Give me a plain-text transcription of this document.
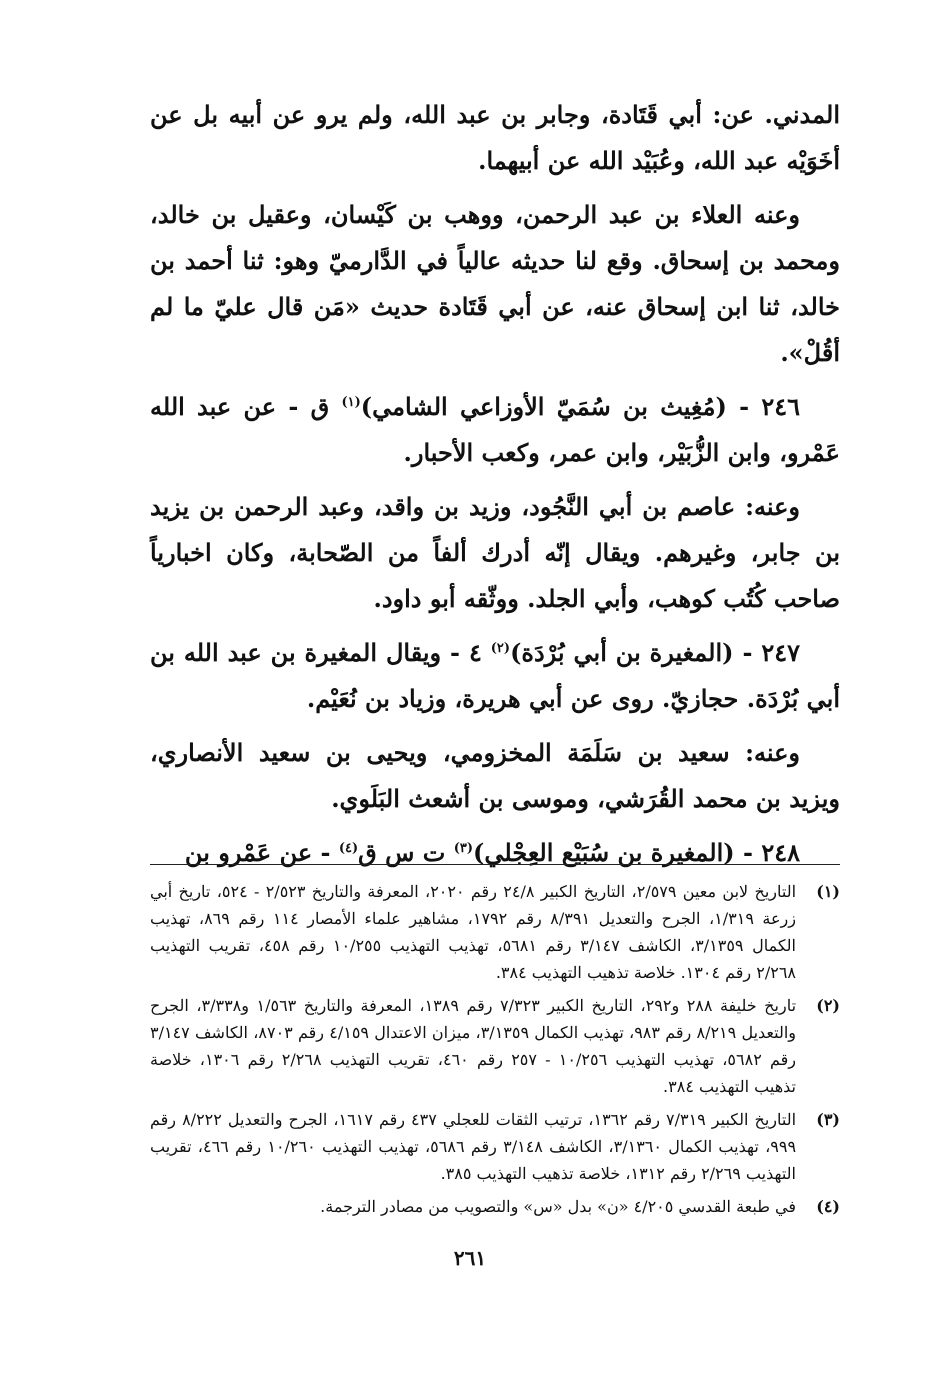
المدني. عن: أبي قَتَادة، وجابر بن عبد الله، ولم يرو عن أبيه بل عن أخَوَيْه عبد الله، وعُبَيْد الله عن أبيهما.

وعنه العلاء بن عبد الرحمن، ووهب بن كَيْسان، وعقيل بن خالد، ومحمد بن إسحاق. وقع لنا حديثه عالياً في الدَّارميّ وهو: ثنا أحمد بن خالد، ثنا ابن إسحاق عنه، عن أبي قَتَادة حديث «مَن قال عليّ ما لم أقُلْ».

٢٤٦ - (مُغِيث بن سُمَيّ الأوزاعي الشامي)$^{(١)}$ ق - عن عبد الله عَمْرو، وابن الزُّبَيْر، وابن عمر، وكعب الأحبار.

وعنه: عاصم بن أبي النَّجُود، وزيد بن واقد، وعبد الرحمن بن يزيد بن جابر، وغيرهم. ويقال إنّه أدرك ألفاً من الصّحابة، وكان اخبارياً صاحب كُتُب كوهب، وأبي الجلد. ووثّقه أبو داود.

٢٤٧ - (المغيرة بن أبي بُرْدَة)$^{(٢)}$ ٤ - ويقال المغيرة بن عبد الله بن أبي بُرْدَة. حجازيّ. روى عن أبي هريرة، وزياد بن نُعَيْم.

وعنه: سعيد بن سَلَمَة المخزومي، ويحيى بن سعيد الأنصاري، ويزيد بن محمد القُرَشي، وموسى بن أشعث البَلَوي.

٢٤٨ - (المغيرة بن سُبَيْع العِجْلي)$^{(٣)}$ ت س ق$^{(٤)}$ - عن عَمْرو بن

(١)
التاريخ لابن معين ٢/٥٧٩، التاريخ الكبير ٢٤/٨ رقم ٢٠٢٠، المعرفة والتاريخ ٢/٥٢٣ - ٥٢٤، تاريخ أبي زرعة ١/٣١٩، الجرح والتعديل ٨/٣٩١ رقم ١٧٩٢، مشاهير علماء الأمصار ١١٤ رقم ٨٦٩، تهذيب الكمال ٣/١٣٥٩، الكاشف ٣/١٤٧ رقم ٥٦٨١، تهذيب التهذيب ١٠/٢٥٥ رقم ٤٥٨، تقريب التهذيب ٢/٢٦٨ رقم ١٣٠٤. خلاصة تذهيب التهذيب ٣٨٤.
(٢)
تاريخ خليفة ٢٨٨ و٢٩٢، التاريخ الكبير ٧/٣٢٣ رقم ١٣٨٩، المعرفة والتاريخ ١/٥٦٣ و٣/٣٣٨، الجرح والتعديل ٨/٢١٩ رقم ٩٨٣، تهذيب الكمال ٣/١٣٥٩، ميزان الاعتدال ٤/١٥٩ رقم ٨٧٠٣، الكاشف ٣/١٤٧ رقم ٥٦٨٢، تهذيب التهذيب ١٠/٢٥٦ - ٢٥٧ رقم ٤٦٠، تقريب التهذيب ٢/٢٦٨ رقم ١٣٠٦، خلاصة تذهيب التهذيب ٣٨٤.
(٣)
التاريخ الكبير ٧/٣١٩ رقم ١٣٦٢، ترتيب الثقات للعجلي ٤٣٧ رقم ١٦١٧، الجرح والتعديل ٨/٢٢٢ رقم ٩٩٩، تهذيب الكمال ٣/١٣٦٠، الكاشف ٣/١٤٨ رقم ٥٦٨٦، تهذيب التهذيب ١٠/٢٦٠ رقم ٤٦٦، تقريب التهذيب ٢/٢٦٩ رقم ١٣١٢، خلاصة تذهيب التهذيب ٣٨٥.
(٤)
في طبعة القدسي ٤/٢٠٥ «ن» بدل «س» والتصويب من مصادر الترجمة.
٢٦١
